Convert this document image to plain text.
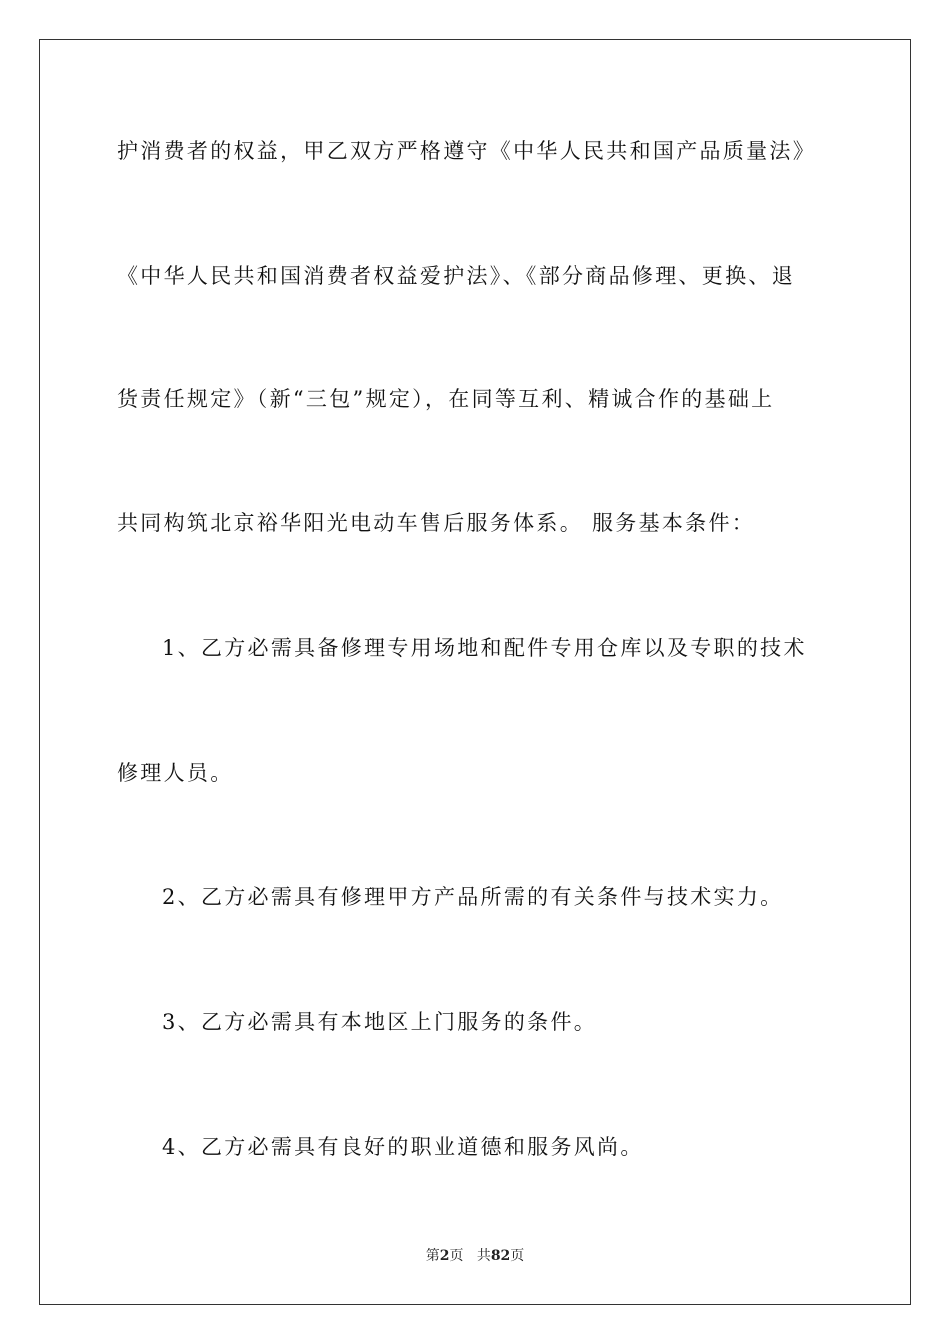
护消费者的权益，甲乙双方严格遵守《中华人民共和国产品质量法》
《中华人民共和国消费者权益爱护法》、《部分商品修理、更换、退
货责任规定》（新“三包”规定），在同等互利、精诚合作的基础上
共同构筑北京裕华阳光电动车售后服务体系。 服务基本条件：
1、乙方必需具备修理专用场地和配件专用仓库以及专职的技术
修理人员。
2、乙方必需具有修理甲方产品所需的有关条件与技术实力。
3、乙方必需具有本地区上门服务的条件。
4、乙方必需具有良好的职业道德和服务风尚。
第2页 共82页
